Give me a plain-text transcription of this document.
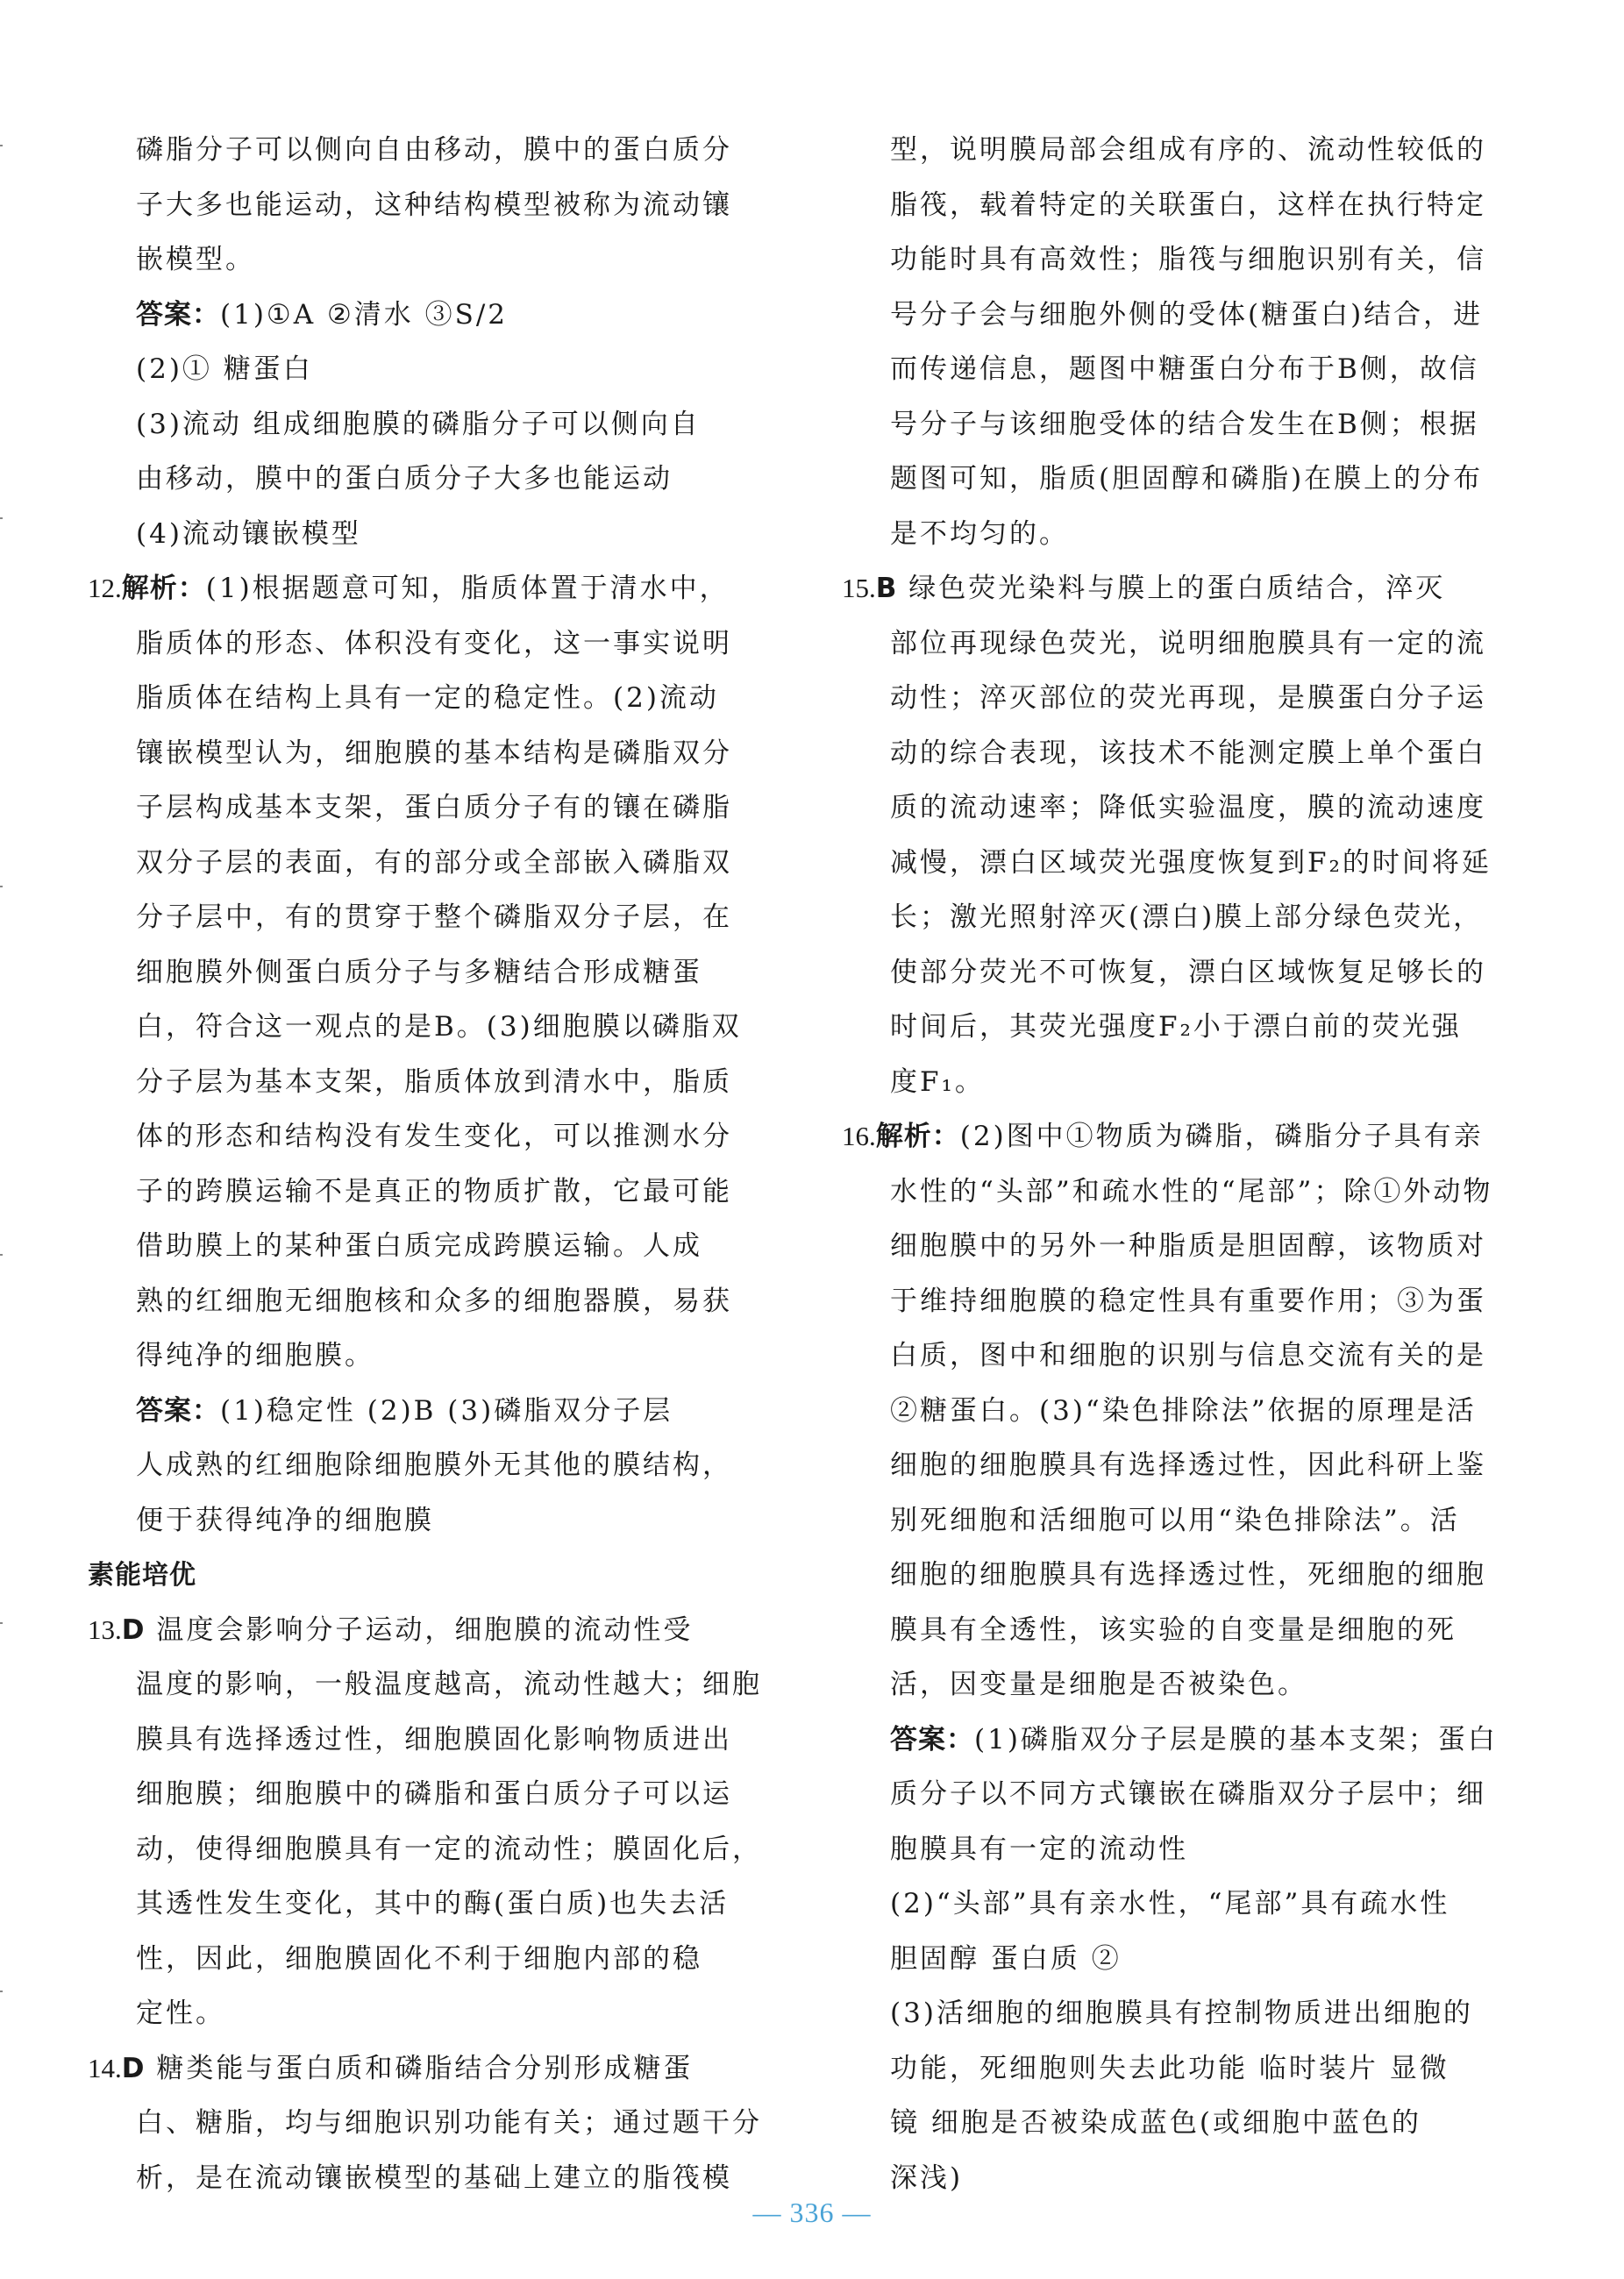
磷脂分子可以侧向自由移动，膜中的蛋白质分
子大多也能运动，这种结构模型被称为流动镶
嵌模型。
答案：(1)①A ②清水 ③S/2
(2)① 糖蛋白
(3)流动 组成细胞膜的磷脂分子可以侧向自
由移动，膜中的蛋白质分子大多也能运动
(4)流动镶嵌模型
12.解析：(1)根据题意可知，脂质体置于清水中，
脂质体的形态、体积没有变化，这一事实说明
脂质体在结构上具有一定的稳定性。(2)流动
镶嵌模型认为，细胞膜的基本结构是磷脂双分
子层构成基本支架，蛋白质分子有的镶在磷脂
双分子层的表面，有的部分或全部嵌入磷脂双
分子层中，有的贯穿于整个磷脂双分子层，在
细胞膜外侧蛋白质分子与多糖结合形成糖蛋
白，符合这一观点的是B。(3)细胞膜以磷脂双
分子层为基本支架，脂质体放到清水中，脂质
体的形态和结构没有发生变化，可以推测水分
子的跨膜运输不是真正的物质扩散，它最可能
借助膜上的某种蛋白质完成跨膜运输。人成
熟的红细胞无细胞核和众多的细胞器膜，易获
得纯净的细胞膜。
答案：(1)稳定性 (2)B (3)磷脂双分子层
人成熟的红细胞除细胞膜外无其他的膜结构，
便于获得纯净的细胞膜
素能培优
13.D 温度会影响分子运动，细胞膜的流动性受
温度的影响，一般温度越高，流动性越大；细胞
膜具有选择透过性，细胞膜固化影响物质进出
细胞膜；细胞膜中的磷脂和蛋白质分子可以运
动，使得细胞膜具有一定的流动性；膜固化后，
其透性发生变化，其中的酶(蛋白质)也失去活
性，因此，细胞膜固化不利于细胞内部的稳
定性。
14.D 糖类能与蛋白质和磷脂结合分别形成糖蛋
白、糖脂，均与细胞识别功能有关；通过题干分
析，是在流动镶嵌模型的基础上建立的脂筏模
型，说明膜局部会组成有序的、流动性较低的
脂筏，载着特定的关联蛋白，这样在执行特定
功能时具有高效性；脂筏与细胞识别有关，信
号分子会与细胞外侧的受体(糖蛋白)结合，进
而传递信息，题图中糖蛋白分布于B侧，故信
号分子与该细胞受体的结合发生在B侧；根据
题图可知，脂质(胆固醇和磷脂)在膜上的分布
是不均匀的。
15.B 绿色荧光染料与膜上的蛋白质结合，淬灭
部位再现绿色荧光，说明细胞膜具有一定的流
动性；淬灭部位的荧光再现，是膜蛋白分子运
动的综合表现，该技术不能测定膜上单个蛋白
质的流动速率；降低实验温度，膜的流动速度
减慢，漂白区域荧光强度恢复到F₂的时间将延
长；激光照射淬灭(漂白)膜上部分绿色荧光，
使部分荧光不可恢复，漂白区域恢复足够长的
时间后，其荧光强度F₂小于漂白前的荧光强
度F₁。
16.解析：(2)图中①物质为磷脂，磷脂分子具有亲
水性的“头部”和疏水性的“尾部”；除①外动物
细胞膜中的另外一种脂质是胆固醇，该物质对
于维持细胞膜的稳定性具有重要作用；③为蛋
白质，图中和细胞的识别与信息交流有关的是
②糖蛋白。(3)“染色排除法”依据的原理是活
细胞的细胞膜具有选择透过性，因此科研上鉴
别死细胞和活细胞可以用“染色排除法”。活
细胞的细胞膜具有选择透过性，死细胞的细胞
膜具有全透性，该实验的自变量是细胞的死
活，因变量是细胞是否被染色。
答案：(1)磷脂双分子层是膜的基本支架；蛋白
质分子以不同方式镶嵌在磷脂双分子层中；细
胞膜具有一定的流动性
(2)“头部”具有亲水性，“尾部”具有疏水性
胆固醇 蛋白质 ②
(3)活细胞的细胞膜具有控制物质进出细胞的
功能，死细胞则失去此功能 临时装片 显微
镜 细胞是否被染成蓝色(或细胞中蓝色的
深浅)
— 336 —
